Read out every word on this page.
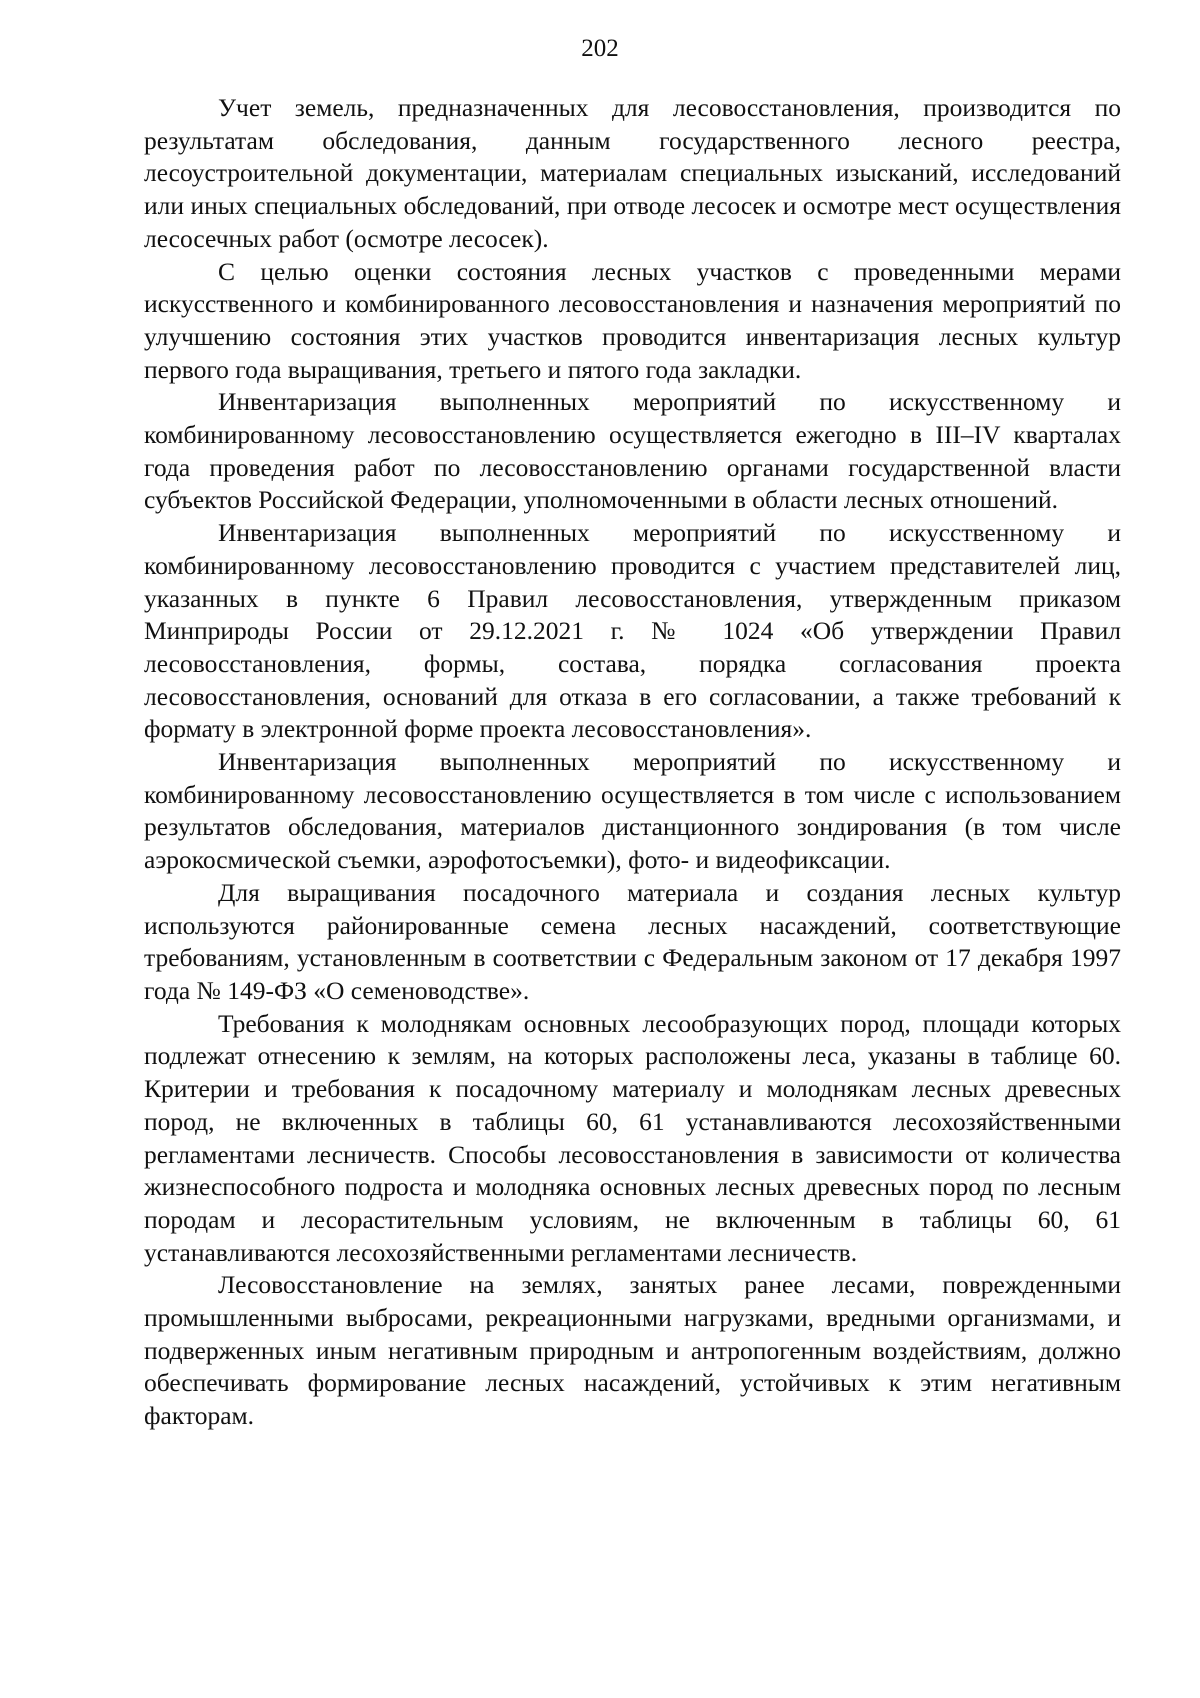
202

Учет земель, предназначенных для лесовосстановления, производится по результатам обследования, данным государственного лесного реестра, лесоустроительной документации, материалам специальных изысканий, исследований или иных специальных обследований, при отводе лесосек и осмотре мест осуществления лесосечных работ (осмотре лесосек).

С целью оценки состояния лесных участков с проведенными мерами искусственного и комбинированного лесовосстановления и назначения мероприятий по улучшению состояния этих участков проводится инвентаризация лесных культур первого года выращивания, третьего и пятого года закладки.

Инвентаризация выполненных мероприятий по искусственному и комбинированному лесовосстановлению осуществляется ежегодно в III–IV кварталах года проведения работ по лесовосстановлению органами государственной власти субъектов Российской Федерации, уполномоченными в области лесных отношений.

Инвентаризация выполненных мероприятий по искусственному и комбинированному лесовосстановлению проводится с участием представителей лиц, указанных в пункте 6 Правил лесовосстановления, утвержденным приказом Минприроды России от 29.12.2021 г. № 1024 «Об утверждении Правил лесовосстановления, формы, состава, порядка согласования проекта лесовосстановления, оснований для отказа в его согласовании, а также требований к формату в электронной форме проекта лесовосстановления».

Инвентаризация выполненных мероприятий по искусственному и комбинированному лесовосстановлению осуществляется в том числе с использованием результатов обследования, материалов дистанционного зондирования (в том числе аэрокосмической съемки, аэрофотосъемки), фото- и видеофиксации.

Для выращивания посадочного материала и создания лесных культур используются районированные семена лесных насаждений, соответствующие требованиям, установленным в соответствии с Федеральным законом от 17 декабря 1997 года № 149-ФЗ «О семеноводстве».

Требования к молоднякам основных лесообразующих пород, площади которых подлежат отнесению к землям, на которых расположены леса, указаны в таблице 60. Критерии и требования к посадочному материалу и молоднякам лесных древесных пород, не включенных в таблицы 60, 61 устанавливаются лесохозяйственными регламентами лесничеств. Способы лесовосстановления в зависимости от количества жизнеспособного подроста и молодняка основных лесных древесных пород по лесным породам и лесорастительным условиям, не включенным в таблицы 60, 61 устанавливаются лесохозяйственными регламентами лесничеств.

Лесовосстановление на землях, занятых ранее лесами, поврежденными промышленными выбросами, рекреационными нагрузками, вредными организмами, и подверженных иным негативным природным и антропогенным воздействиям, должно обеспечивать формирование лесных насаждений, устойчивых к этим негативным факторам.
